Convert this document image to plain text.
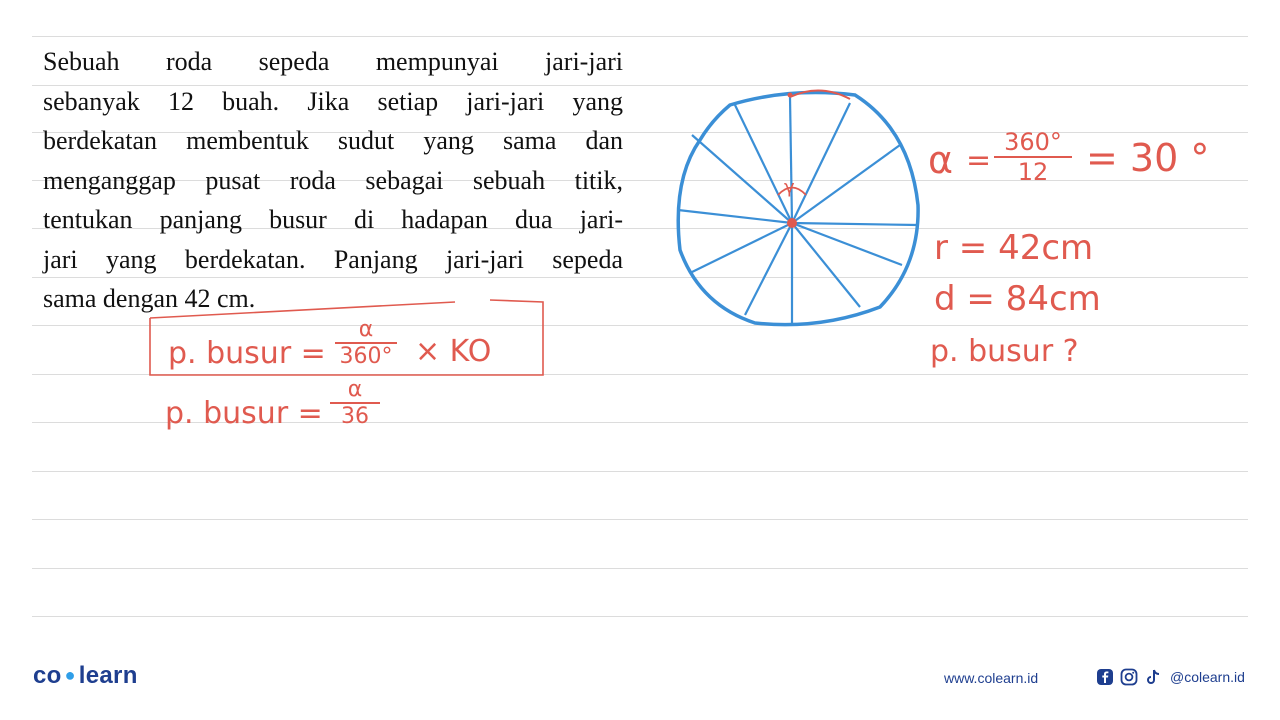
Sebuah roda sepeda mempunyai jari-jari
sebanyak 12 buah. Jika setiap jari-jari yang
berdekatan membentuk sudut yang sama dan
menganggap pusat roda sebagai sebuah titik,
tentukan panjang busur di hadapan dua jari-
jari yang berdekatan. Panjang jari-jari sepeda
sama dengan 42 cm.
p. busur =
α
360° × KO
p. busur =
α
36
γ
α =
360°
12 = 30 °
r = 42cm
d = 84cm
p. busur ?
co ● learn	www.colearn.id	@colearn.id
